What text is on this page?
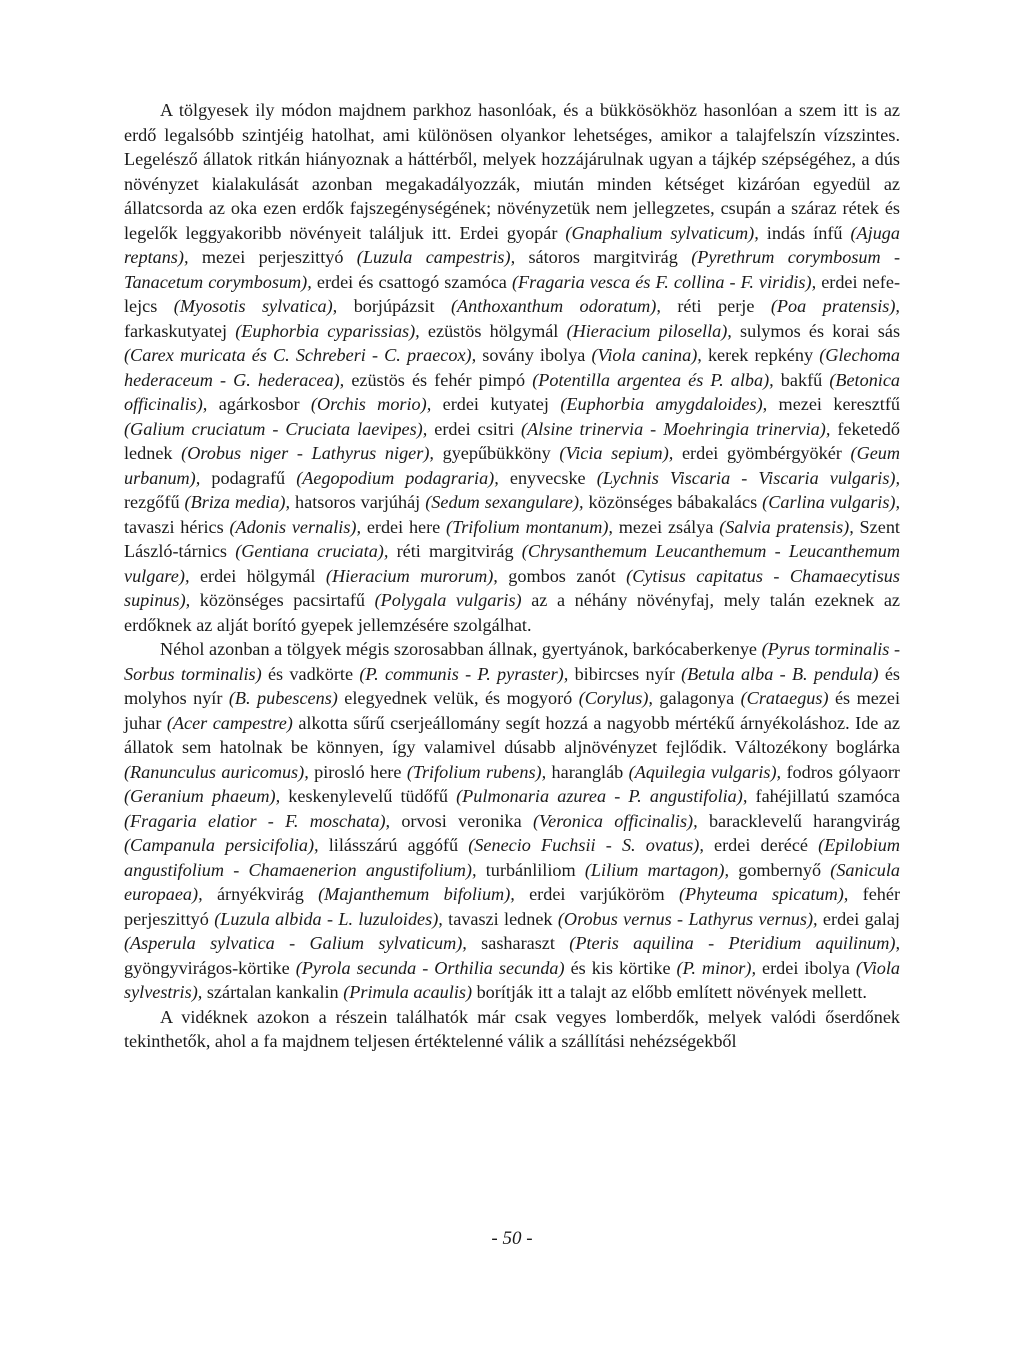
A tölgyesek ily módon majdnem parkhoz hasonlóak, és a bükkösökhöz hasonlóan a szem itt is az erdő legalsóbb szintjéig hatolhat, ami különösen olyankor lehetséges, amikor a talajfelszín vízszintes. Legelésző állatok ritkán hiányoznak a háttérből, melyek hozzájárulnak ugyan a tájkép szépségéhez, a dús növényzet kialakulását azonban megakadályozzák, miután minden kétséget kizáróan egyedül az állatcsorda az oka ezen erdők fajszegénységének; növényzetük nem jellegzetes, csupán a száraz rétek és legelők leggyakoribb növényeit találjuk itt. Erdei gyopár (Gnaphalium sylvaticum), indás ínfű (Ajuga reptans), mezei perjeszittyó (Luzula campestris), sátoros margitvirág (Pyrethrum corymbosum - Tanacetum corymbosum), erdei és csattogó szamóca (Fragaria vesca és F. collina - F. viridis), erdei nefelejcs (Myosotis sylvatica), borjúpázsit (Anthoxanthum odoratum), réti perje (Poa pratensis), farkaskutyatej (Euphorbia cyparissias), ezüstös hölgymál (Hieracium pilosella), sulymos és korai sás (Carex muricata és C. Schreberi - C. praecox), sovány ibolya (Viola canina), kerek repkény (Glechoma hederaceum - G. hederacea), ezüstös és fehér pimpó (Potentilla argentea és P. alba), bakfű (Betonica officinalis), agárkosbor (Orchis morio), erdei kutyatej (Euphorbia amygdaloides), mezei keresztfű (Galium cruciatum - Cruciata laevipes), erdei csitri (Alsine trinervia - Moehringia trinervia), feketedő lednek (Orobus niger - Lathyrus niger), gyepűbükköny (Vicia sepium), erdei gyömbérgyökér (Geum urbanum), podagrafű (Aegopodium podagraria), enyvecske (Lychnis Viscaria - Viscaria vulgaris), rezgőfű (Briza media), hatsoros varjúháj (Sedum sexangulare), közönséges bábakalács (Carlina vulgaris), tavaszi hérics (Adonis vernalis), erdei here (Trifolium montanum), mezei zsálya (Salvia pratensis), Szent László-tárnics (Gentiana cruciata), réti margitvirág (Chrysanthemum Leucanthemum - Leucanthemum vulgare), erdei hölgymál (Hieracium murorum), gombos zanót (Cytisus capitatus - Chamaecytisus supinus), közönséges pacsirtafű (Polygala vulgaris) az a néhány növényfaj, mely talán ezeknek az erdőknek az alját borító gyepek jellemzésére szolgálhat.

Néhol azonban a tölgyek mégis szorosabban állnak, gyertyánok, barkócaberkenye (Pyrus torminalis - Sorbus torminalis) és vadkörte (P. communis - P. pyraster), bibircses nyír (Betula alba - B. pendula) és molyhos nyír (B. pubescens) elegyednek velük, és mogyoró (Corylus), galagonya (Crataegus) és mezei juhar (Acer campestre) alkotta sűrű cserjeállomány segít hozzá a nagyobb mértékű árnyékoláshoz. Ide az állatok sem hatolnak be könnyen, így valamivel dúsabb aljnövényzet fejlődik. Változékony boglárka (Ranunculus auricomus), pirosló here (Trifolium rubens), harangláb (Aquilegia vulgaris), fodros gólyaorr (Geranium phaeum), keskenylevelű tüdőfű (Pulmonaria azurea - P. angustifolia), fahéjillatú szamóca (Fragaria elatior - F. moschata), orvosi veronika (Veronica officinalis), baracklevelű harangvirág (Campanula persicifolia), lilásszárú aggófű (Senecio Fuchsii - S. ovatus), erdei derécé (Epilobium angustifolium - Chamaenerion angustifolium), turbánliliom (Lilium martagon), gombernyő (Sanicula europaea), árnyékvirág (Majanthemum bifolium), erdei varjúköröm (Phyteuma spicatum), fehér perjeszittyó (Luzula albida - L. luzuloides), tavaszi lednek (Orobus vernus - Lathyrus vernus), erdei galaj (Asperula sylvatica - Galium sylvaticum), sasharaszt (Pteris aquilina - Pteridium aquilinum), gyöngyvirágos-körtike (Pyrola secunda - Orthilia secunda) és kis körtike (P. minor), erdei ibolya (Viola sylvestris), szártalan kankalin (Primula acaulis) borítják itt a talajt az előbb említett növények mellett.

A vidéknek azokon a részein találhatók már csak vegyes lomberdők, melyek valódi őserdőnek tekinthetők, ahol a fa majdnem teljesen értéktelenné válik a szállítási nehézségekből

- 50 -
